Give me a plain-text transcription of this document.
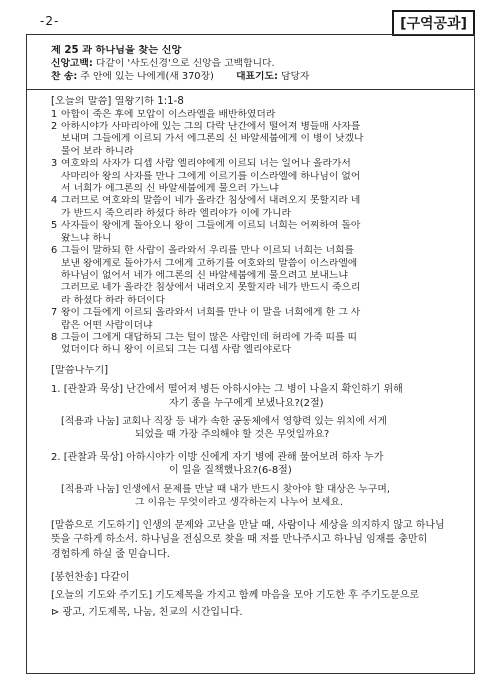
-2-	[구역공과]
제 25 과 하나님을 찾는 신앙
신앙고백: 다같이 '사도신경'으로 신앙을 고백합니다.
찬 송: 주 안에 있는 나에게(새 370장) 대표기도: 담당자
[오늘의 말씀] 열왕기하 1:1-8
1 아합이 죽은 후에 모압이 이스라엘을 배반하였더라
2 아하시야가 사마리아에 있는 그의 다락 난간에서 떨어져 병들매 사자를
보내며 그들에게 이르되 가서 에그론의 신 바알세붑에게 이 병이 낫겠나
물어 보라 하니라
3 여호와의 사자가 디셉 사람 엘리야에게 이르되 너는 일어나 올라가서
사마리아 왕의 사자를 만나 그에게 이르기를 이스라엘에 하나님이 없어
서 너희가 에그론의 신 바알세붑에게 물으러 가느냐
4 그러므로 여호와의 말씀이 네가 올라간 침상에서 내려오지 못할지라 네
가 반드시 죽으리라 하셨다 하라 엘리야가 이에 가니라
5 사자들이 왕에게 돌아오니 왕이 그들에게 이르되 너희는 어찌하여 돌아
왔느냐 하니
6 그들이 말하되 한 사람이 올라와서 우리를 만나 이르되 너희는 너희를
보낸 왕에게로 돌아가서 그에게 고하기를 여호와의 말씀이 이스라엘에
하나님이 없어서 네가 에그론의 신 바알세붑에게 물으려고 보내느냐
그러므로 네가 올라간 침상에서 내려오지 못할지라 네가 반드시 죽으리
라 하셨다 하라 하더이다
7 왕이 그들에게 이르되 올라와서 너희를 만나 이 말을 너희에게 한 그 사
람은 어떤 사람이더냐
8 그들이 그에게 대답하되 그는 털이 많은 사람인데 허리에 가죽 띠를 띠
었더이다 하니 왕이 이르되 그는 디셉 사람 엘리야로다
[말씀나누기]
1. [관찰과 묵상] 난간에서 떨어져 병든 아하시야는 그 병이 나을지 확인하기 위해
자기 종을 누구에게 보냈나요?(2절)
[적용과 나눔] 교회나 직장 등 내가 속한 공동체에서 영향력 있는 위치에 서게
되었을 때 가장 주의해야 할 것은 무엇일까요?
2. [관찰과 묵상] 아하시야가 이방 신에게 자기 병에 관해 물어보려 하자 누가
이 일을 질책했나요?(6-8절)
[적용과 나눔] 인생에서 문제를 만날 때 내가 반드시 찾아야 할 대상은 누구며,
그 이유는 무엇이라고 생각하는지 나누어 보세요.
[말씀으로 기도하기] 인생의 문제와 고난을 만날 때, 사람이나 세상을 의지하지 않고 하나님
뜻을 구하게 하소서. 하나님을 전심으로 찾을 때 저를 만나주시고 하나님 임재를 충만히
경험하게 하실 줄 믿습니다.
[봉헌찬송] 다같이
[오늘의 기도와 주기도] 기도제목을 가지고 함께 마음을 모아 기도한 후 주기도문으로
⊳ 광고, 기도제목, 나눔, 친교의 시간입니다.
